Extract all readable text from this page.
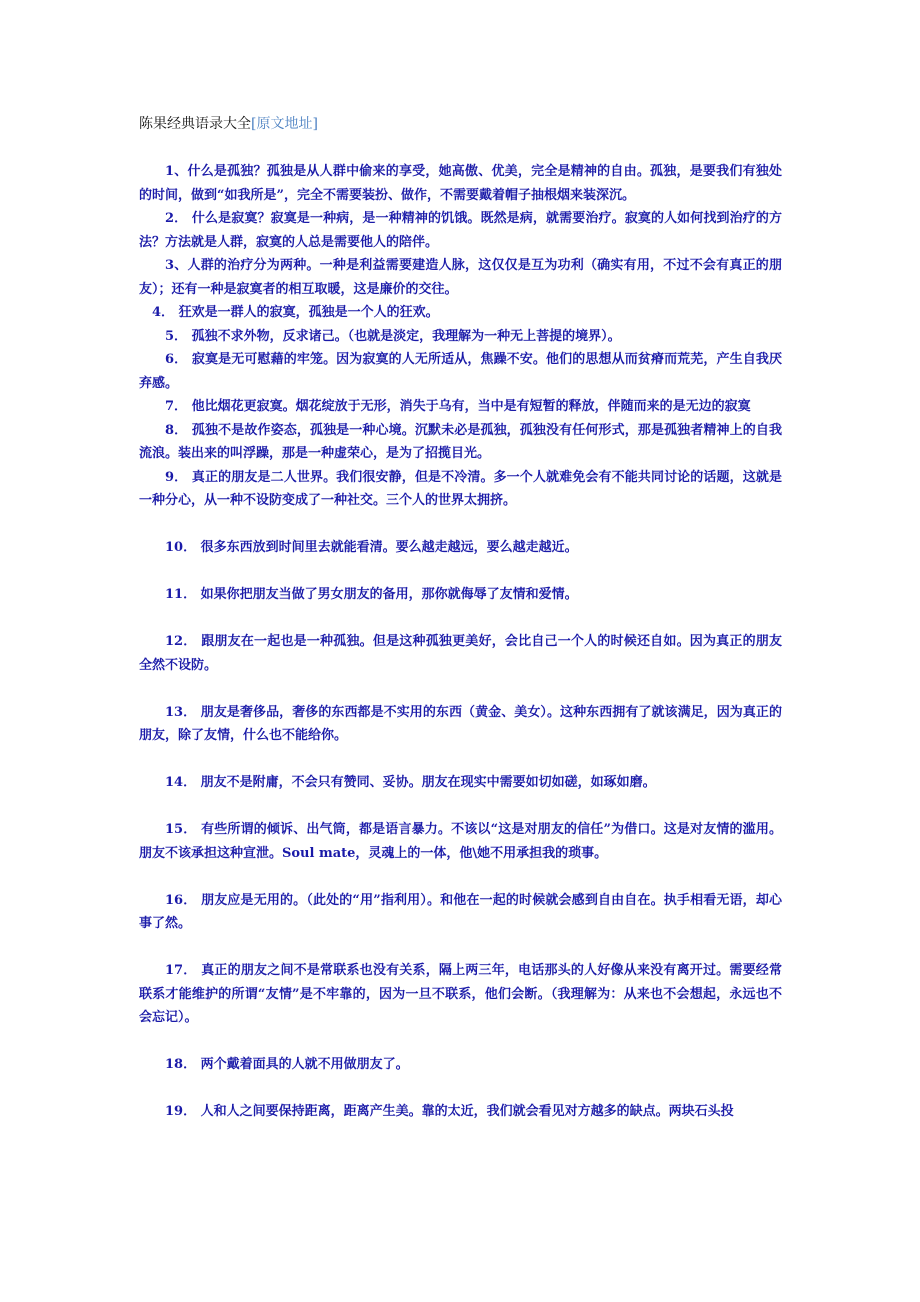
陈果经典语录大全[原文地址]

1、什么是孤独？孤独是从人群中偷来的享受，她高傲、优美，完全是精神的自由。孤独，是要我们有独处的时间，做到“如我所是”，完全不需要装扮、做作，不需要戴着帽子抽根烟来装深沉。

2． 什么是寂寞？寂寞是一种病，是一种精神的饥饿。既然是病，就需要治疗。寂寞的人如何找到治疗的方法？方法就是人群，寂寞的人总是需要他人的陪伴。

3、人群的治疗分为两种。一种是利益需要建造人脉，这仅仅是互为功利（确实有用，不过不会有真正的朋友）；还有一种是寂寞者的相互取暖，这是廉价的交往。

4． 狂欢是一群人的寂寞，孤独是一个人的狂欢。

5． 孤独不求外物，反求诸己。（也就是淡定，我理解为一种无上菩提的境界）。

6． 寂寞是无可慰藉的牢笼。因为寂寞的人无所适从，焦躁不安。他们的思想从而贫瘠而荒芜，产生自我厌弃感。

7． 他比烟花更寂寞。烟花绽放于无形，消失于乌有，当中是有短暂的释放，伴随而来的是无边的寂寞

8． 孤独不是故作姿态，孤独是一种心境。沉默未必是孤独，孤独没有任何形式，那是孤独者精神上的自我流浪。装出来的叫浮躁，那是一种虚荣心，是为了招揽目光。

9． 真正的朋友是二人世界。我们很安静，但是不冷清。多一个人就难免会有不能共同讨论的话题，这就是一种分心，从一种不设防变成了一种社交。三个人的世界太拥挤。

10． 很多东西放到时间里去就能看清。要么越走越远，要么越走越近。

11． 如果你把朋友当做了男女朋友的备用，那你就侮辱了友情和爱情。

12． 跟朋友在一起也是一种孤独。但是这种孤独更美好，会比自己一个人的时候还自如。因为真正的朋友全然不设防。

13． 朋友是奢侈品，奢侈的东西都是不实用的东西（黄金、美女）。这种东西拥有了就该满足，因为真正的朋友，除了友情，什么也不能给你。

14． 朋友不是附庸，不会只有赞同、妥协。朋友在现实中需要如切如磋，如琢如磨。

15． 有些所谓的倾诉、出气筒，都是语言暴力。不该以“这是对朋友的信任”为借口。这是对友情的滥用。朋友不该承担这种宣泄。Soul mate，灵魂上的一体，他\她不用承担我的琐事。

16． 朋友应是无用的。（此处的“用”指利用）。和他在一起的时候就会感到自由自在。执手相看无语，却心事了然。

17． 真正的朋友之间不是常联系也没有关系，隔上两三年，电话那头的人好像从来没有离开过。需要经常联系才能维护的所谓“友情”是不牢靠的，因为一旦不联系，他们会断。（我理解为：从来也不会想起，永远也不会忘记）。

18． 两个戴着面具的人就不用做朋友了。

19． 人和人之间要保持距离，距离产生美。靠的太近，我们就会看见对方越多的缺点。两块石头投
